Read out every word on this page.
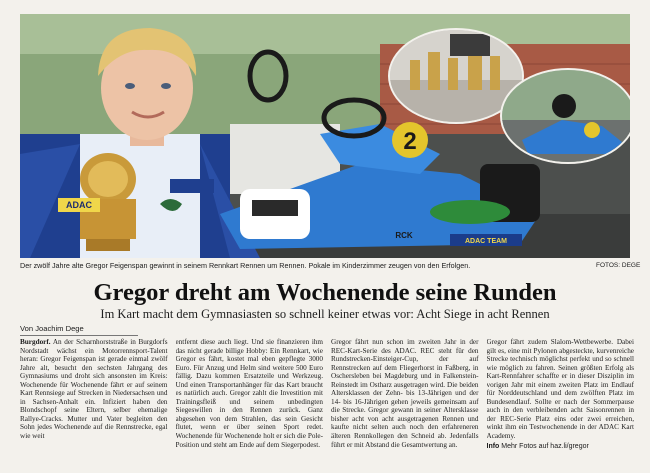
ADAC
2
ADAC TEAM
RCK
Der zwölf Jahre alte Gregor Feigenspan gewinnt in seinem Rennkart Rennen um Rennen. Pokale im Kinderzimmer zeugen von den Erfolgen.	FOTOS: DEGE
Gregor dreht am Wochenende seine Runden
Im Kart macht dem Gymnasiasten so schnell keiner etwas vor: Acht Siege in acht Rennen
Von Joachim Dege
Burgdorf. An der Scharnhorststraße in Burgdorfs Nordstadt wächst ein Motorrennsport-Talent heran: Gregor Feigenspan ist gerade einmal zwölf Jahre alt, besucht den sechsten Jahrgang des Gymnasiums und droht sich ansonsten im Kreis: Wochenende für Wochenende fährt er auf seinem Kart Rennsiege auf Strecken in Niedersachsen und in Sachsen-Anhalt ein. Infiziert haben den Blondschopf seine Eltern, selber ehemalige Rallye-Cracks. Mutter und Vater begleiten den Sohn jedes Wochenende auf die Rennstrecke, egal wie weit
entfernt diese auch liegt. Und sie finanzieren ihm das nicht gerade billige Hobby: Ein Rennkart, wie Gregor es fährt, kostet mal eben gepflegte 3000 Euro. Für Anzug und Helm sind weitere 500 Euro fällig. Dazu kommen Ersatzteile und Werkzeug. Und einen Transportanhänger für das Kart braucht es natürlich auch. Gregor zahlt die Investition mit Trainingsfleiß und seinem unbedingten Siegeswillen in den Rennen zurück. Ganz abgesehen von dem Strahlen, das sein Gesicht flutet, wenn er über seinen Sport redet. Wochenende für Wochenende holt er sich die Pole-Position und steht am Ende auf dem Siegerpodest.
Gregor fährt nun schon im zweiten Jahr in der REC-Kart-Serie des ADAC. REC steht für den Rundstrecken-Einsteiger-Cup, der auf Rennstrecken auf dem Fliegerhorst in Faßberg, in Oschersleben bei Magdeburg und in Falkenstein-Reinstedt im Ostharz ausgetragen wird. Die beiden Altersklassen der Zehn- bis 13-Jährigen und der 14- bis 16-Jährigen gehen jeweils gemeinsam auf die Strecke. Gregor gewann in seiner Altersklasse bisher acht von acht ausgetragenen Rennen und kaufte nicht selten auch noch den erfahreneren älteren Rennkollegen den Schneid ab. Jedenfalls führt er mit Abstand die Gesamtwertung an.
Gregor fährt zudem Slalom-Wettbewerbe. Dabei gilt es, eine mit Pylonen abgesteckte, kurvenreiche Strecke technisch möglichst perfekt und so schnell wie möglich zu fahren. Seinen größten Erfolg als Kart-Rennfahrer schaffte er in dieser Disziplin im vorigen Jahr mit einem zweiten Platz im Endlauf für Norddeutschland und dem zwölften Platz im Bundesendlauf. Sollte er nach der Sommerpause auch in den verbleibenden acht Saisonrennen in der REC-Serie Platz eins oder zwei erreichen, winkt ihm ein Testwochenende in der ADAC Kart Academy.
Info Mehr Fotos auf haz.li/gregor
